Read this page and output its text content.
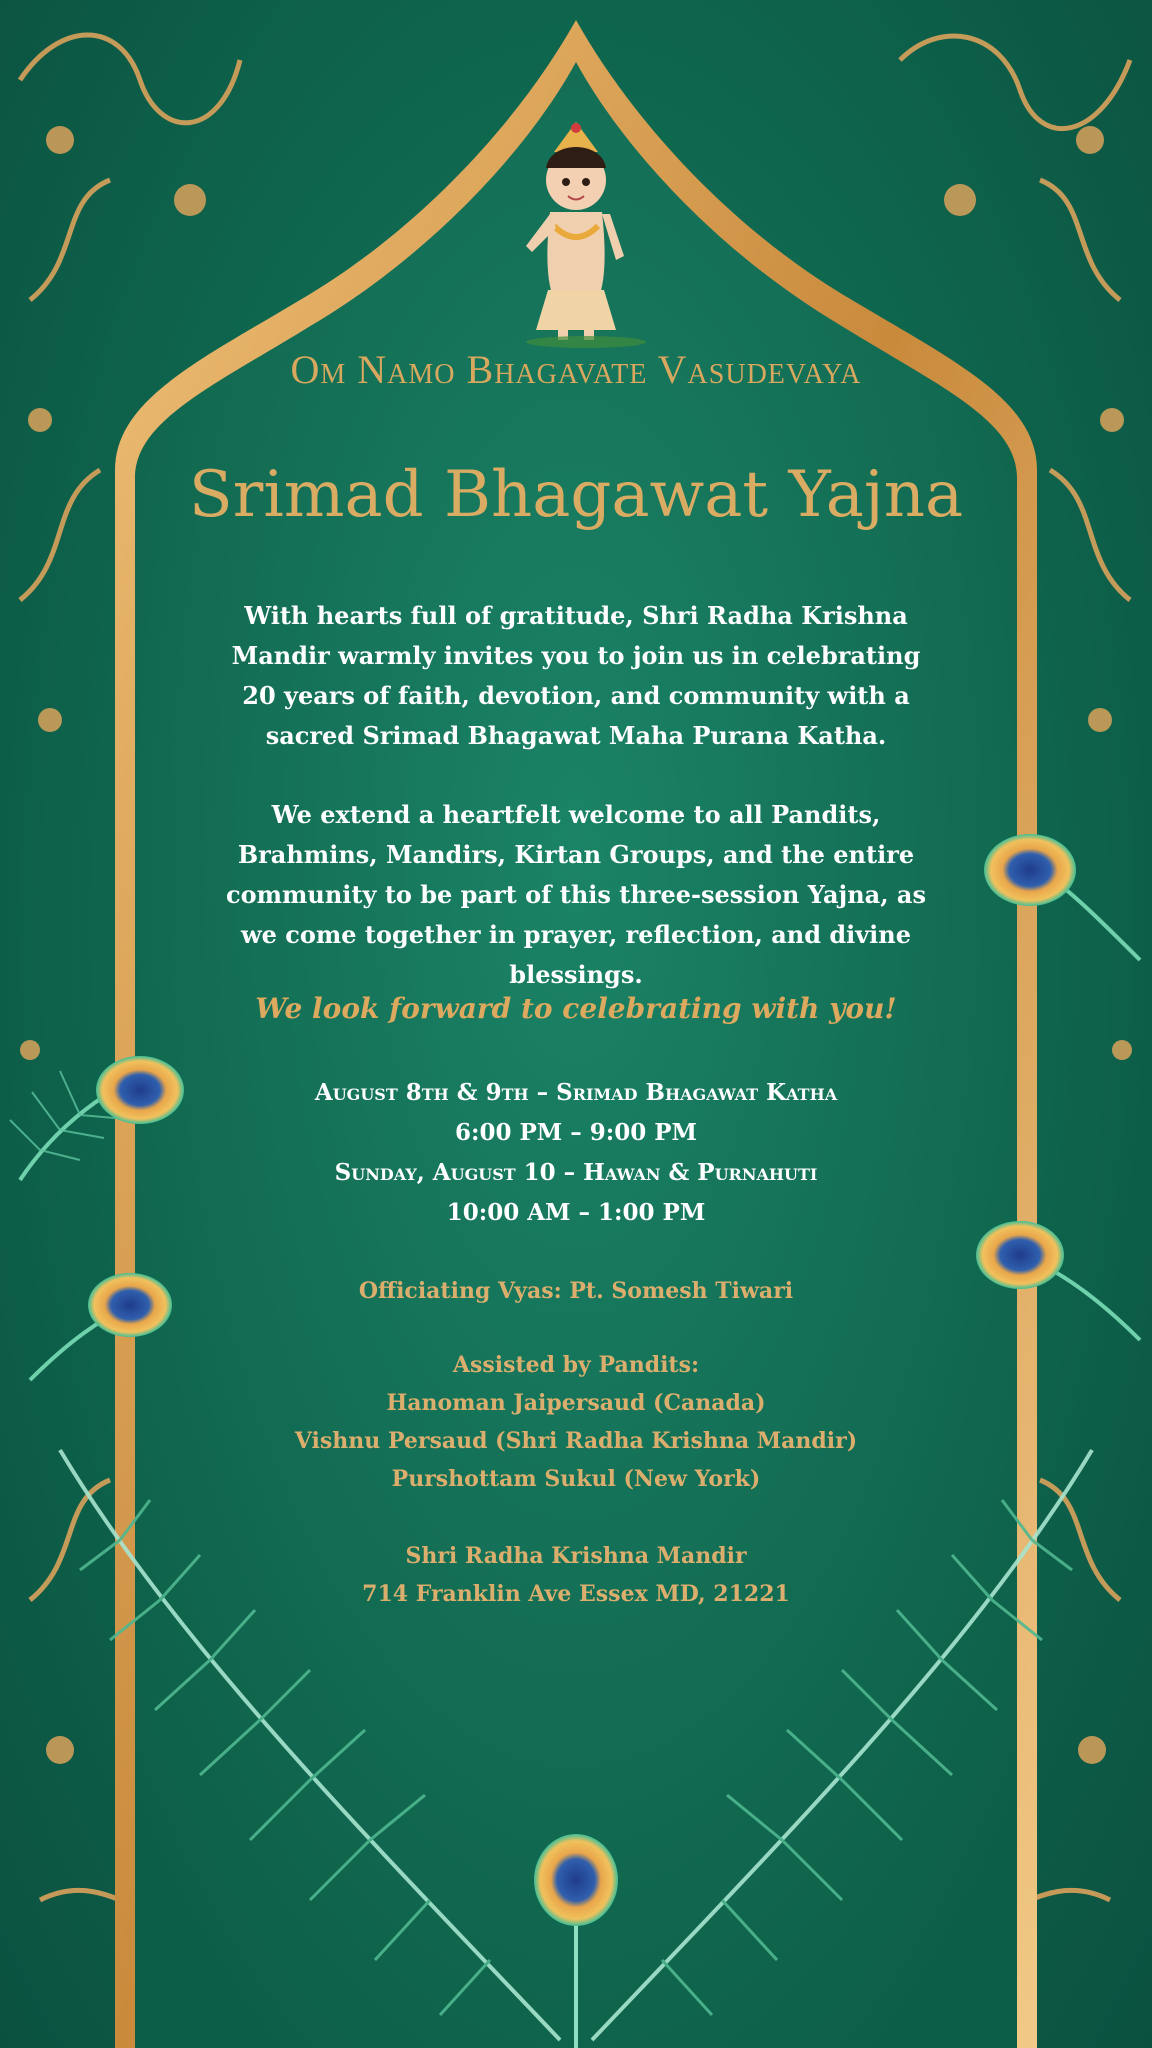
Om Namo Bhagavate Vasudevaya
Srimad Bhagawat Yajna
With hearts full of gratitude, Shri Radha Krishna Mandir warmly invites you to join us in celebrating 20 years of faith, devotion, and community with a sacred Srimad Bhagawat Maha Purana Katha.
We extend a heartfelt welcome to all Pandits, Brahmins, Mandirs, Kirtan Groups, and the entire community to be part of this three-session Yajna, as we come together in prayer, reflection, and divine blessings.
We look forward to celebrating with you!
August 8th & 9th – Srimad Bhagawat Katha
6:00 PM – 9:00 PM
Sunday, August 10 – Hawan & Purnahuti
10:00 AM – 1:00 PM
Officiating Vyas: Pt. Somesh Tiwari
Assisted by Pandits:
Hanoman Jaipersaud (Canada)
Vishnu Persaud (Shri Radha Krishna Mandir)
Purshottam Sukul (New York)
Shri Radha Krishna Mandir
714 Franklin Ave Essex MD, 21221
